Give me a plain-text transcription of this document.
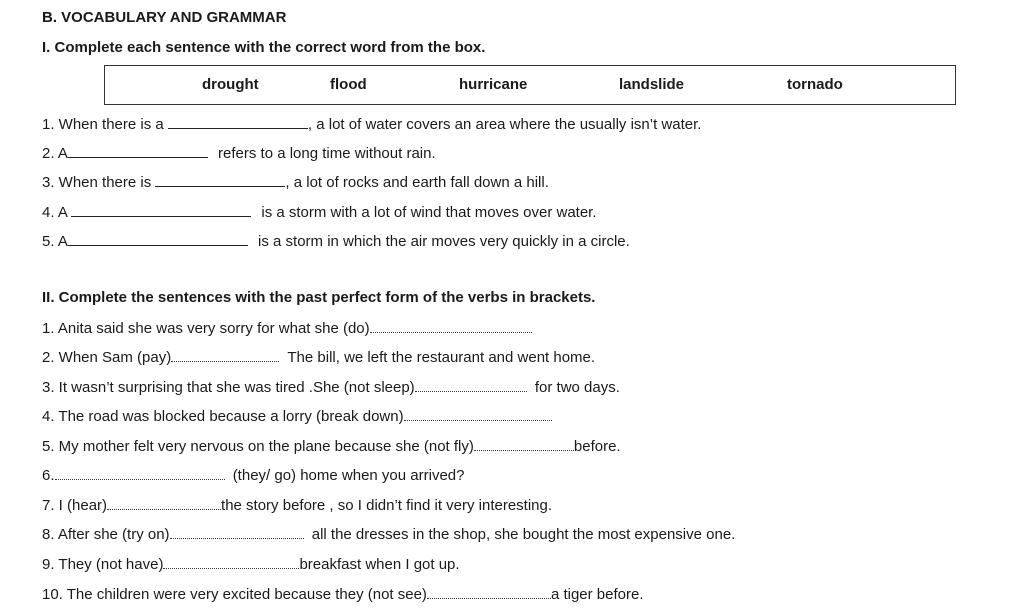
B. VOCABULARY AND GRAMMAR
I. Complete each sentence with the correct word from the box.
drought	flood	hurricane	landslide	tornado
1. When there is a	, a lot of water covers an area where the usually isn’t water.
2. A	refers to a long time without rain.
3. When there is	, a lot of rocks and earth fall down a hill.
4. A	is a storm with a lot of wind that moves over water.
5. A	is a storm in which the air moves very quickly in a circle.
II. Complete the sentences with the past perfect form of the verbs in brackets.
1. Anita said she was very sorry for what she (do)
2. When Sam (pay)	The bill, we left the restaurant and went home.
3. It wasn’t surprising that she was tired .She (not sleep)	for two days.
4. The road was blocked because a lorry (break down)
5. My mother felt very nervous on the plane because she (not fly)	before.
6.	(they/ go) home when you arrived?
7. I (hear)	the story before , so I didn’t find it very interesting.
8. After she (try on)	all the dresses in the shop, she bought the most expensive one.
9. They (not have)	breakfast when I got up.
10. The children were very excited because they (not see)	a tiger before.
